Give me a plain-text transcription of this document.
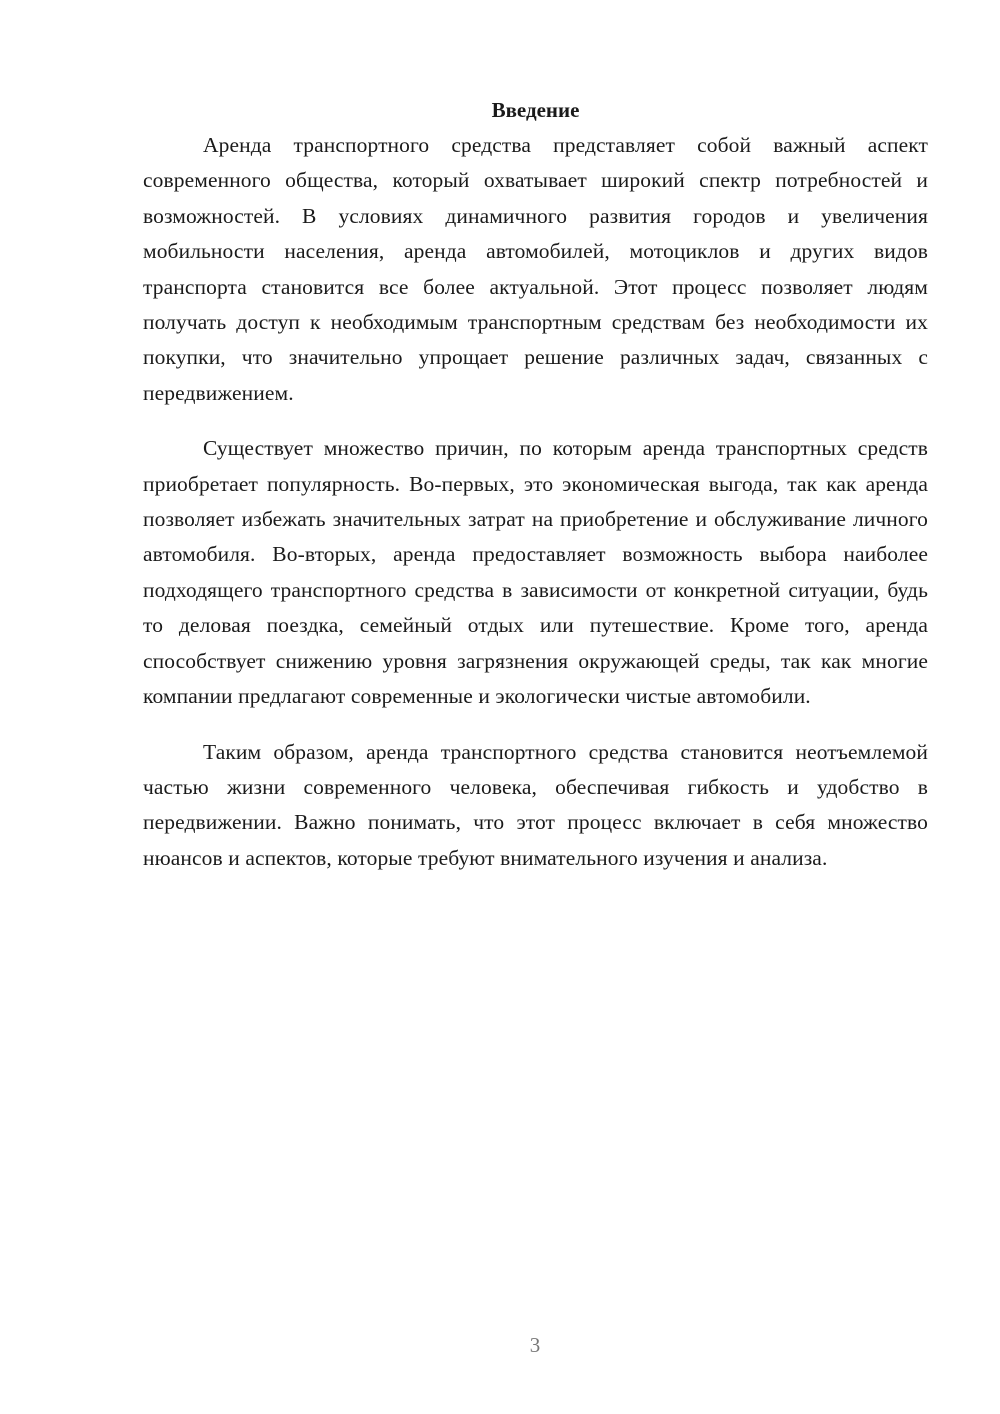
Введение

Аренда транспортного средства представляет собой важный аспект современного общества, который охватывает широкий спектр потребностей и возможностей. В условиях динамичного развития городов и увеличения мобильности населения, аренда автомобилей, мотоциклов и других видов транспорта становится все более актуальной. Этот процесс позволяет людям получать доступ к необходимым транспортным средствам без необходимости их покупки, что значительно упрощает решение различных задач, связанных с передвижением.

Существует множество причин, по которым аренда транспортных средств приобретает популярность. Во-первых, это экономическая выгода, так как аренда позволяет избежать значительных затрат на приобретение и обслуживание личного автомобиля. Во-вторых, аренда предоставляет возможность выбора наиболее подходящего транспортного средства в зависимости от конкретной ситуации, будь то деловая поездка, семейный отдых или путешествие. Кроме того, аренда способствует снижению уровня загрязнения окружающей среды, так как многие компании предлагают современные и экологически чистые автомобили.

Таким образом, аренда транспортного средства становится неотъемлемой частью жизни современного человека, обеспечивая гибкость и удобство в передвижении. Важно понимать, что этот процесс включает в себя множество нюансов и аспектов, которые требуют внимательного изучения и анализа.

3
